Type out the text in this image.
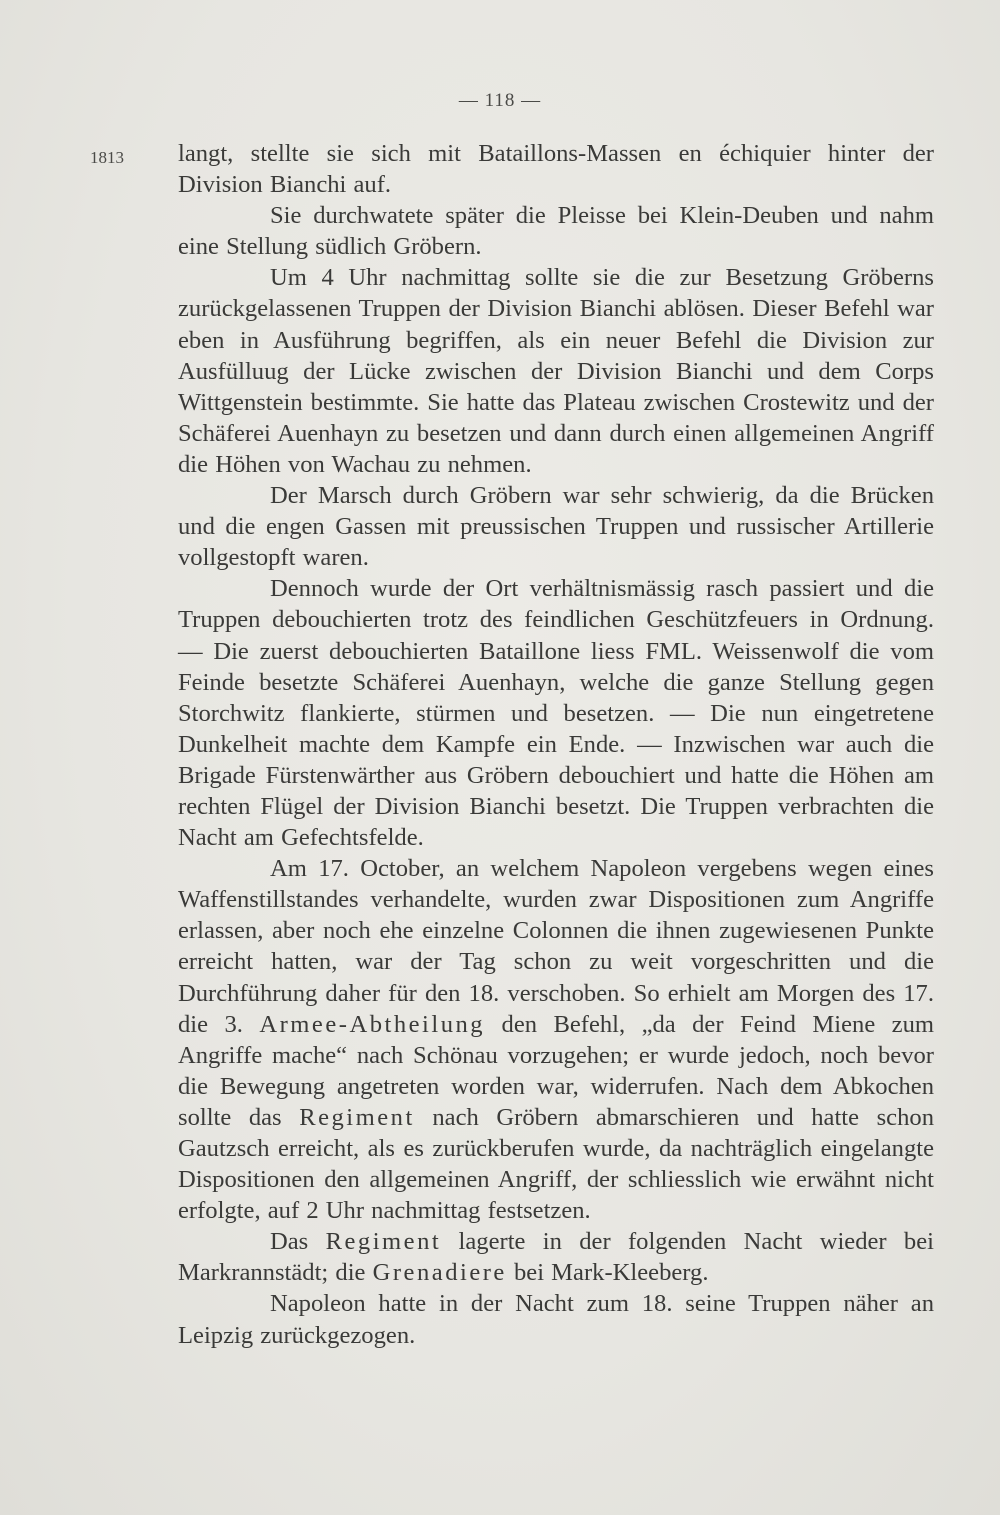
— 118 —
1813 langt, stellte sie sich mit Bataillons-Massen en échiquier hinter der Division Bianchi auf.

Sie durchwatete später die Pleisse bei Klein-Deuben und nahm eine Stellung südlich Gröbern.

Um 4 Uhr nachmittag sollte sie die zur Besetzung Gröberns zurückgelassenen Truppen der Division Bianchi ablösen. Dieser Befehl war eben in Ausführung begriffen, als ein neuer Befehl die Division zur Ausfülluug der Lücke zwischen der Division Bianchi und dem Corps Wittgenstein bestimmte. Sie hatte das Plateau zwischen Crostewitz und der Schäferei Auenhayn zu besetzen und dann durch einen allgemeinen Angriff die Höhen von Wachau zu nehmen.

Der Marsch durch Gröbern war sehr schwierig, da die Brücken und die engen Gassen mit preussischen Truppen und russischer Artillerie vollgestopft waren.

Dennoch wurde der Ort verhältnismässig rasch passiert und die Truppen debouchierten trotz des feindlichen Geschützfeuers in Ordnung. — Die zuerst debouchierten Bataillone liess FML. Weissenwolf die vom Feinde besetzte Schäferei Auenhayn, welche die ganze Stellung gegen Storchwitz flankierte, stürmen und besetzen. — Die nun eingetretene Dunkelheit machte dem Kampfe ein Ende. — Inzwischen war auch die Brigade Fürstenwärther aus Gröbern debouchiert und hatte die Höhen am rechten Flügel der Division Bianchi besetzt. Die Truppen verbrachten die Nacht am Gefechtsfelde.

Am 17. October, an welchem Napoleon vergebens wegen eines Waffenstillstandes verhandelte, wurden zwar Dispositionen zum Angriffe erlassen, aber noch ehe einzelne Colonnen die ihnen zugewiesenen Punkte erreicht hatten, war der Tag schon zu weit vorgeschritten und die Durchführung daher für den 18. verschoben. So erhielt am Morgen des 17. die 3. Armee-Abtheilung den Befehl, „da der Feind Miene zum Angriffe mache“ nach Schönau vorzugehen; er wurde jedoch, noch bevor die Bewegung angetreten worden war, widerrufen. Nach dem Abkochen sollte das Regiment nach Gröbern abmarschieren und hatte schon Gautzsch erreicht, als es zurückberufen wurde, da nachträglich eingelangte Dispositionen den allgemeinen Angriff, der schliesslich wie erwähnt nicht erfolgte, auf 2 Uhr nachmittag festsetzen.

Das Regiment lagerte in der folgenden Nacht wieder bei Markrannstädt; die Grenadiere bei Mark-Kleeberg.

Napoleon hatte in der Nacht zum 18. seine Truppen näher an Leipzig zurückgezogen.
